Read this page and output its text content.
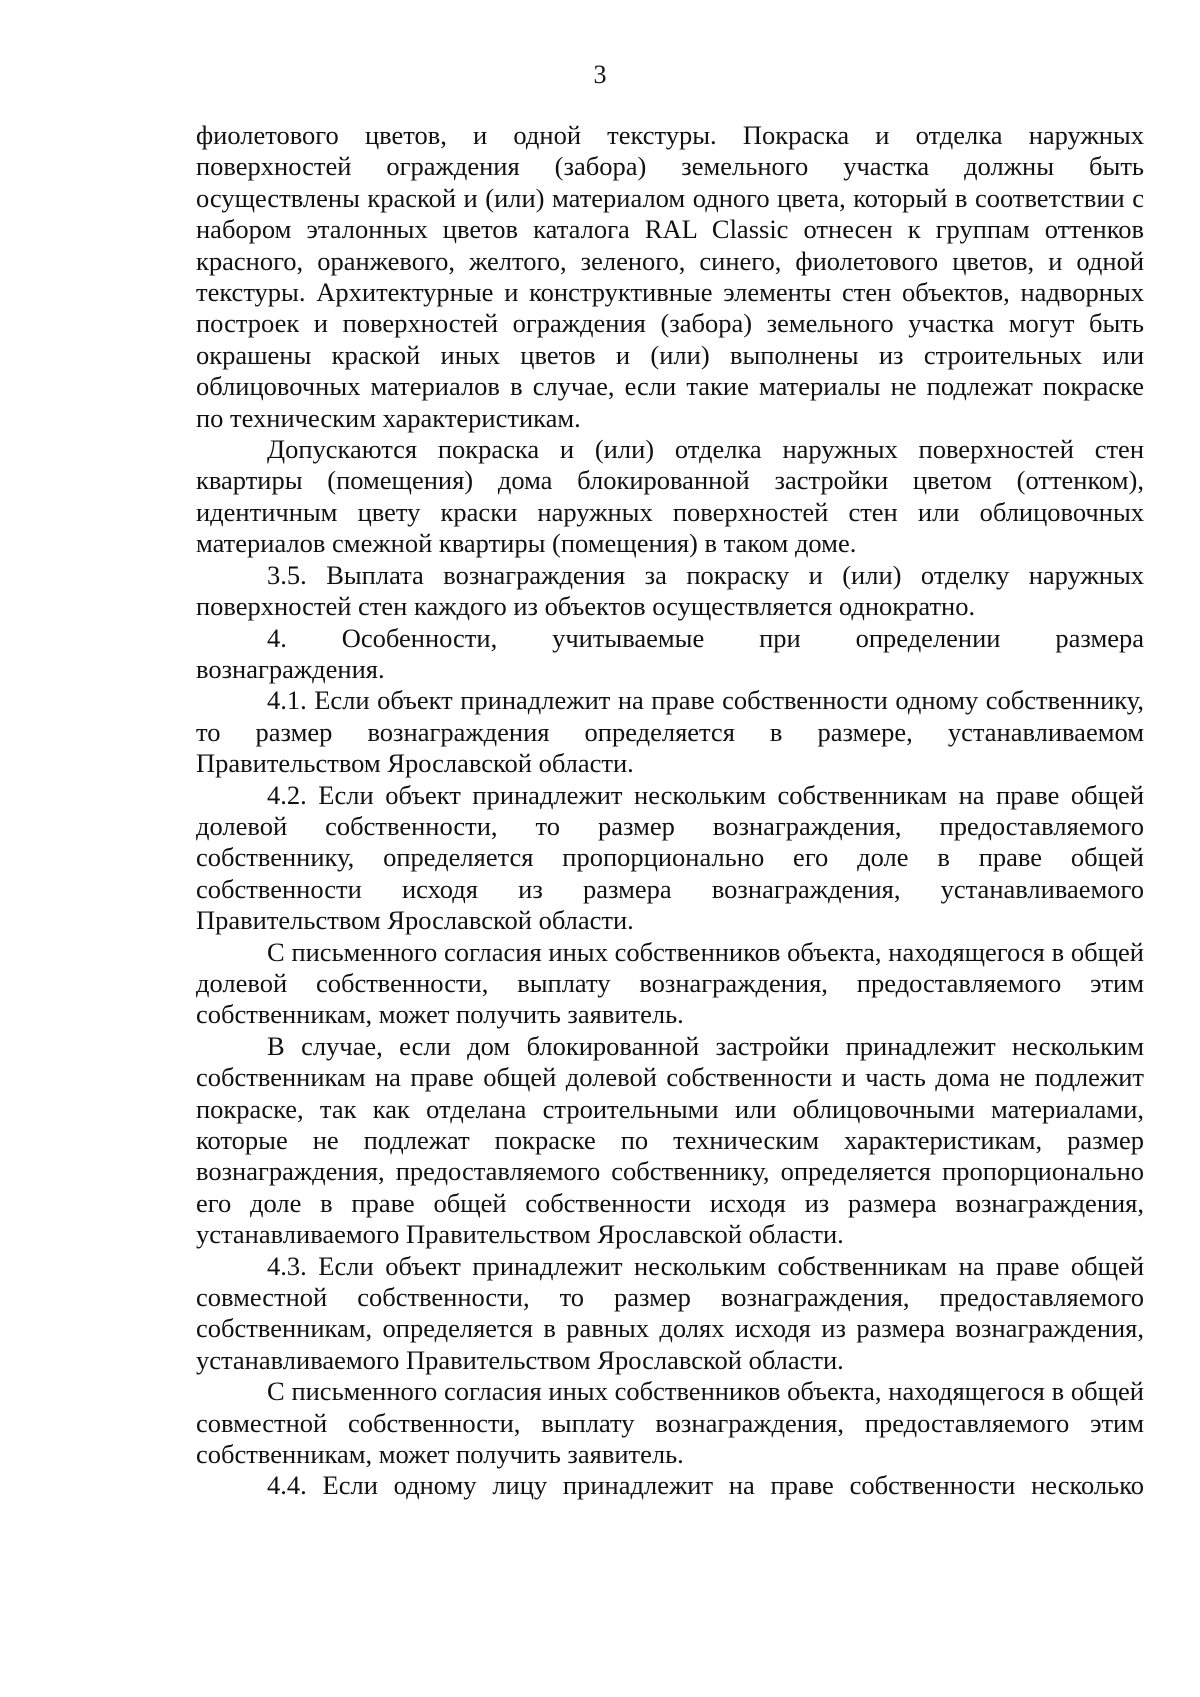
3

фиолетового цветов, и одной текстуры. Покраска и отделка наружных поверхностей ограждения (забора) земельного участка должны быть осуществлены краской и (или) материалом одного цвета, который в соответствии с набором эталонных цветов каталога RAL Classic отнесен к группам оттенков красного, оранжевого, желтого, зеленого, синего, фиолетового цветов, и одной текстуры. Архитектурные и конструктивные элементы стен объектов, надворных построек и поверхностей ограждения (забора) земельного участка могут быть окрашены краской иных цветов и (или) выполнены из строительных или облицовочных материалов в случае, если такие материалы не подлежат покраске по техническим характеристикам.

Допускаются покраска и (или) отделка наружных поверхностей стен квартиры (помещения) дома блокированной застройки цветом (оттенком), идентичным цвету краски наружных поверхностей стен или облицовочных материалов смежной квартиры (помещения) в таком доме.

3.5. Выплата вознаграждения за покраску и (или) отделку наружных поверхностей стен каждого из объектов осуществляется однократно.

4. Особенности, учитываемые при определении размера

вознаграждения.

4.1. Если объект принадлежит на праве собственности одному собственнику, то размер вознаграждения определяется в размере, устанавливаемом Правительством Ярославской области.

4.2. Если объект принадлежит нескольким собственникам на праве общей долевой собственности, то размер вознаграждения, предоставляемого собственнику, определяется пропорционально его доле в праве общей собственности исходя из размера вознаграждения, устанавливаемого Правительством Ярославской области.

С письменного согласия иных собственников объекта, находящегося в общей долевой собственности, выплату вознаграждения, предоставляемого этим собственникам, может получить заявитель.

В случае, если дом блокированной застройки принадлежит нескольким собственникам на праве общей долевой собственности и часть дома не подлежит покраске, так как отделана строительными или облицовочными материалами, которые не подлежат покраске по техническим характеристикам, размер вознаграждения, предоставляемого собственнику, определяется пропорционально его доле в праве общей собственности исходя из размера вознаграждения, устанавливаемого Правительством Ярославской области.

4.3. Если объект принадлежит нескольким собственникам на праве общей совместной собственности, то размер вознаграждения, предоставляемого собственникам, определяется в равных долях исходя из размера вознаграждения, устанавливаемого Правительством Ярославской области.

С письменного согласия иных собственников объекта, находящегося в общей совместной собственности, выплату вознаграждения, предоставляемого этим собственникам, может получить заявитель.

4.4. Если одному лицу принадлежит на праве собственности несколько
